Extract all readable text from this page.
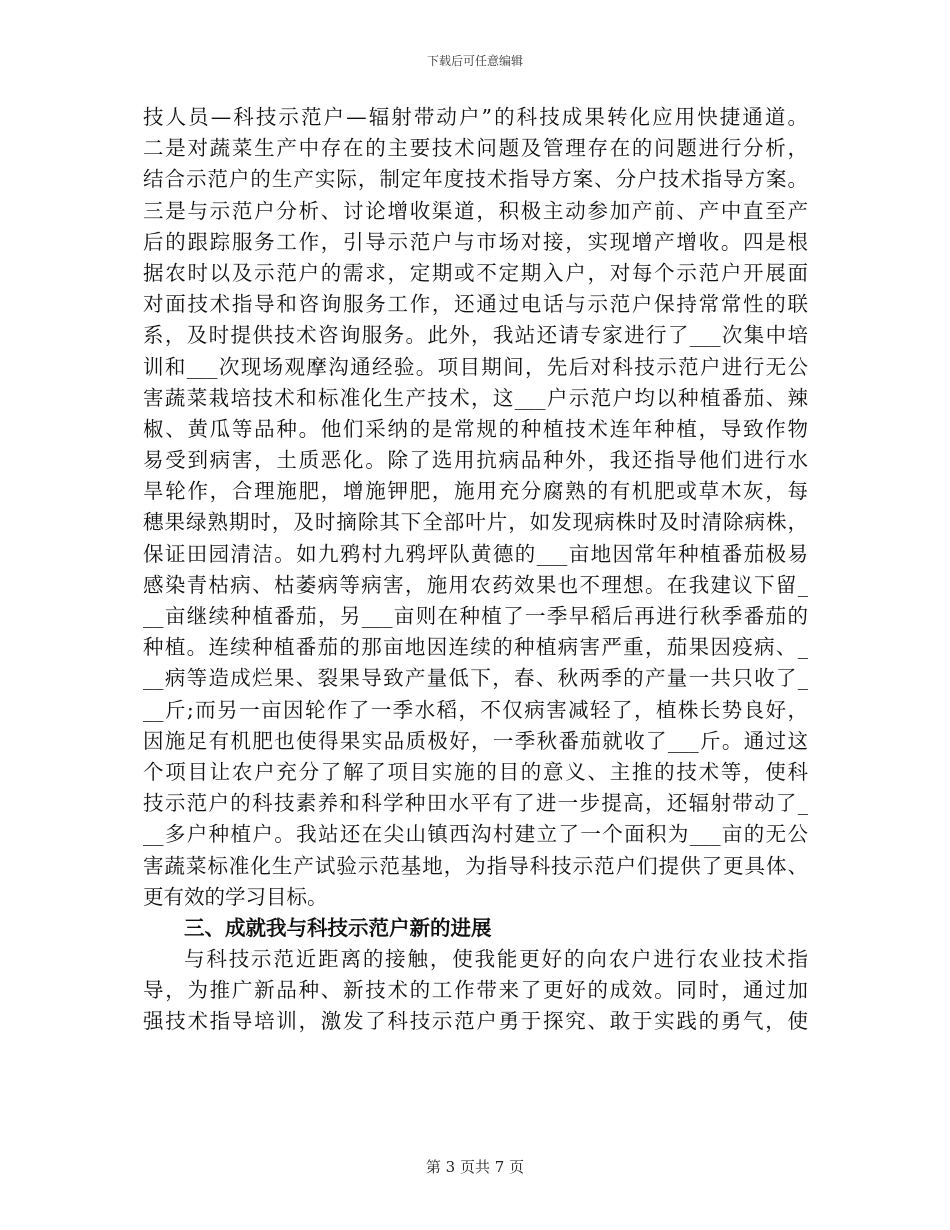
下载后可任意编辑
技人员—科技示范户—辐射带动户”的科技成果转化应用快捷通道。
二是对蔬菜生产中存在的主要技术问题及管理存在的问题进行分析，
结合示范户的生产实际，制定年度技术指导方案、分户技术指导方案。
三是与示范户分析、讨论增收渠道，积极主动参加产前、产中直至产
后的跟踪服务工作，引导示范户与市场对接，实现增产增收。四是根
据农时以及示范户的需求，定期或不定期入户，对每个示范户开展面
对面技术指导和咨询服务工作，还通过电话与示范户保持常常性的联
系，及时提供技术咨询服务。此外，我站还请专家进行了___次集中培
训和___次现场观摩沟通经验。项目期间，先后对科技示范户进行无公
害蔬菜栽培技术和标准化生产技术，这___户示范户均以种植番茄、辣
椒、黄瓜等品种。他们采纳的是常规的种植技术连年种植，导致作物
易受到病害，土质恶化。除了选用抗病品种外，我还指导他们进行水
旱轮作，合理施肥，增施钾肥，施用充分腐熟的有机肥或草木灰，每
穗果绿熟期时，及时摘除其下全部叶片，如发现病株时及时清除病株，
保证田园清洁。如九鸦村九鸦坪队黄德的___亩地因常年种植番茄极易
感染青枯病、枯萎病等病害，施用农药效果也不理想。在我建议下留_
__亩继续种植番茄，另___亩则在种植了一季早稻后再进行秋季番茄的
种植。连续种植番茄的那亩地因连续的种植病害严重，茄果因疫病、_
__病等造成烂果、裂果导致产量低下，春、秋两季的产量一共只收了_
__斤;而另一亩因轮作了一季水稻，不仅病害减轻了，植株长势良好，
因施足有机肥也使得果实品质极好，一季秋番茄就收了___斤。通过这
个项目让农户充分了解了项目实施的目的意义、主推的技术等，使科
技示范户的科技素养和科学种田水平有了进一步提高，还辐射带动了_
__多户种植户。我站还在尖山镇西沟村建立了一个面积为___亩的无公
害蔬菜标准化生产试验示范基地，为指导科技示范户们提供了更具体、
更有效的学习目标。
三、成就我与科技示范户新的进展
与科技示范近距离的接触，使我能更好的向农户进行农业技术指
导，为推广新品种、新技术的工作带来了更好的成效。同时，通过加
强技术指导培训，激发了科技示范户勇于探究、敢于实践的勇气，使
第 3 页共 7 页
